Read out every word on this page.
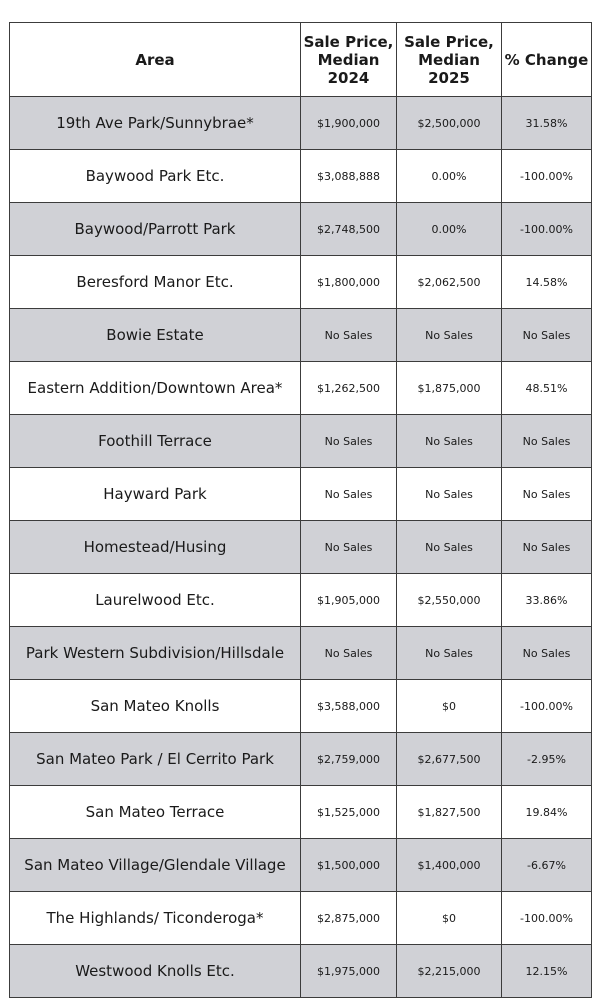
Area	Sale Price,
Median
2024	Sale Price,
Median
2025	% Change
19th Ave Park/Sunnybrae*	$1,900,000	$2,500,000	31.58%
Baywood Park Etc.	$3,088,888	0.00%	-100.00%
Baywood/Parrott Park	$2,748,500	0.00%	-100.00%
Beresford Manor Etc.	$1,800,000	$2,062,500	14.58%
Bowie Estate	No Sales	No Sales	No Sales
Eastern Addition/Downtown Area*	$1,262,500	$1,875,000	48.51%
Foothill Terrace	No Sales	No Sales	No Sales
Hayward Park	No Sales	No Sales	No Sales
Homestead/Husing	No Sales	No Sales	No Sales
Laurelwood Etc.	$1,905,000	$2,550,000	33.86%
Park Western Subdivision/Hillsdale	No Sales	No Sales	No Sales
San Mateo Knolls	$3,588,000	$0	-100.00%
San Mateo Park / El Cerrito Park	$2,759,000	$2,677,500	-2.95%
San Mateo Terrace	$1,525,000	$1,827,500	19.84%
San Mateo Village/Glendale Village	$1,500,000	$1,400,000	-6.67%
The Highlands/ Ticonderoga*	$2,875,000	$0	-100.00%
Westwood Knolls Etc.	$1,975,000	$2,215,000	12.15%
